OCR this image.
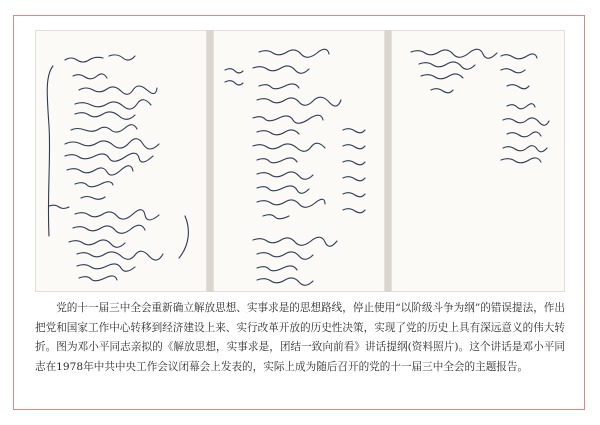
党的十一届三中全会重新确立解放思想、实事求是的思想路线，停止使用“以阶级斗争为纲”的错误提法，作出把党和国家工作中心转移到经济建设上来、实行改革开放的历史性决策，实现了党的历史上具有深远意义的伟大转折。图为邓小平同志亲拟的《解放思想，实事求是，团结一致向前看》讲话提纲(资料照片)。这个讲话是邓小平同志在1978年中共中央工作会议闭幕会上发表的，实际上成为随后召开的党的十一届三中全会的主题报告。
